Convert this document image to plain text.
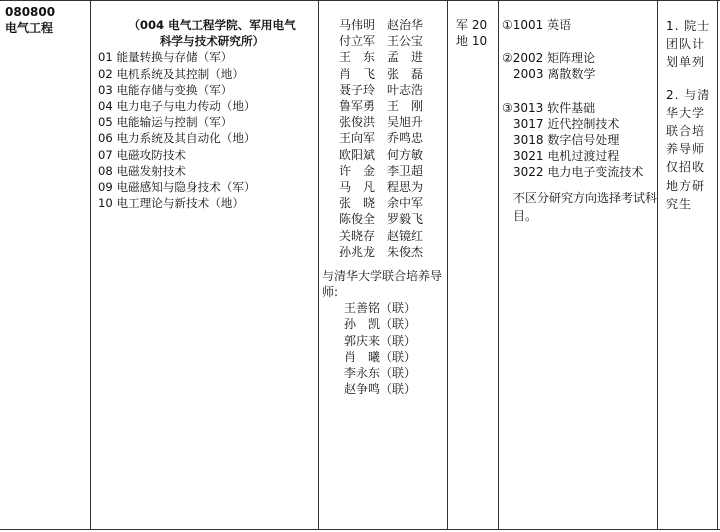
080800
电气工程	（004 电气工程学院、军用电气
科学与技术研究所）
01 能量转换与存储（军）
02 电机系统及其控制（地）
03 电能存储与变换（军）
04 电力电子与电力传动（地）
05 电能输运与控制（军）
06 电力系统及其自动化（地）
07 电磁攻防技术
08 电磁发射技术
09 电磁感知与隐身技术（军）
10 电工理论与新技术（地）
马伟明 赵治华
付立军 王公宝
王　东 孟　进
肖　飞 张　磊
聂子玲 叶志浩
鲁军勇 王　刚
张俊洪 吴旭升
王向军 乔鸣忠
欧阳斌 何方敏
许　金 李卫超
马　凡 程思为
张　晓 余中军
陈俊全 罗毅飞
关晓存 赵镜红
孙兆龙 朱俊杰
与清华大学联合培养导师:
王善铭（联）
孙　凯（联）
郭庆来（联）
肖　曦（联）
李永东（联）
赵争鸣（联）
军 20
地 10
①1001 英语
②2002 矩阵理论
2003 离散数学
③3013 软件基础
3017 近代控制技术
3018 数字信号处理
3021 电机过渡过程
3022 电力电子变流技术
不区分研究方向选择考试科目。
1. 院士
团队计
划单列
2. 与清
华大学
联合培
养导师
仅招收
地方研
究生
